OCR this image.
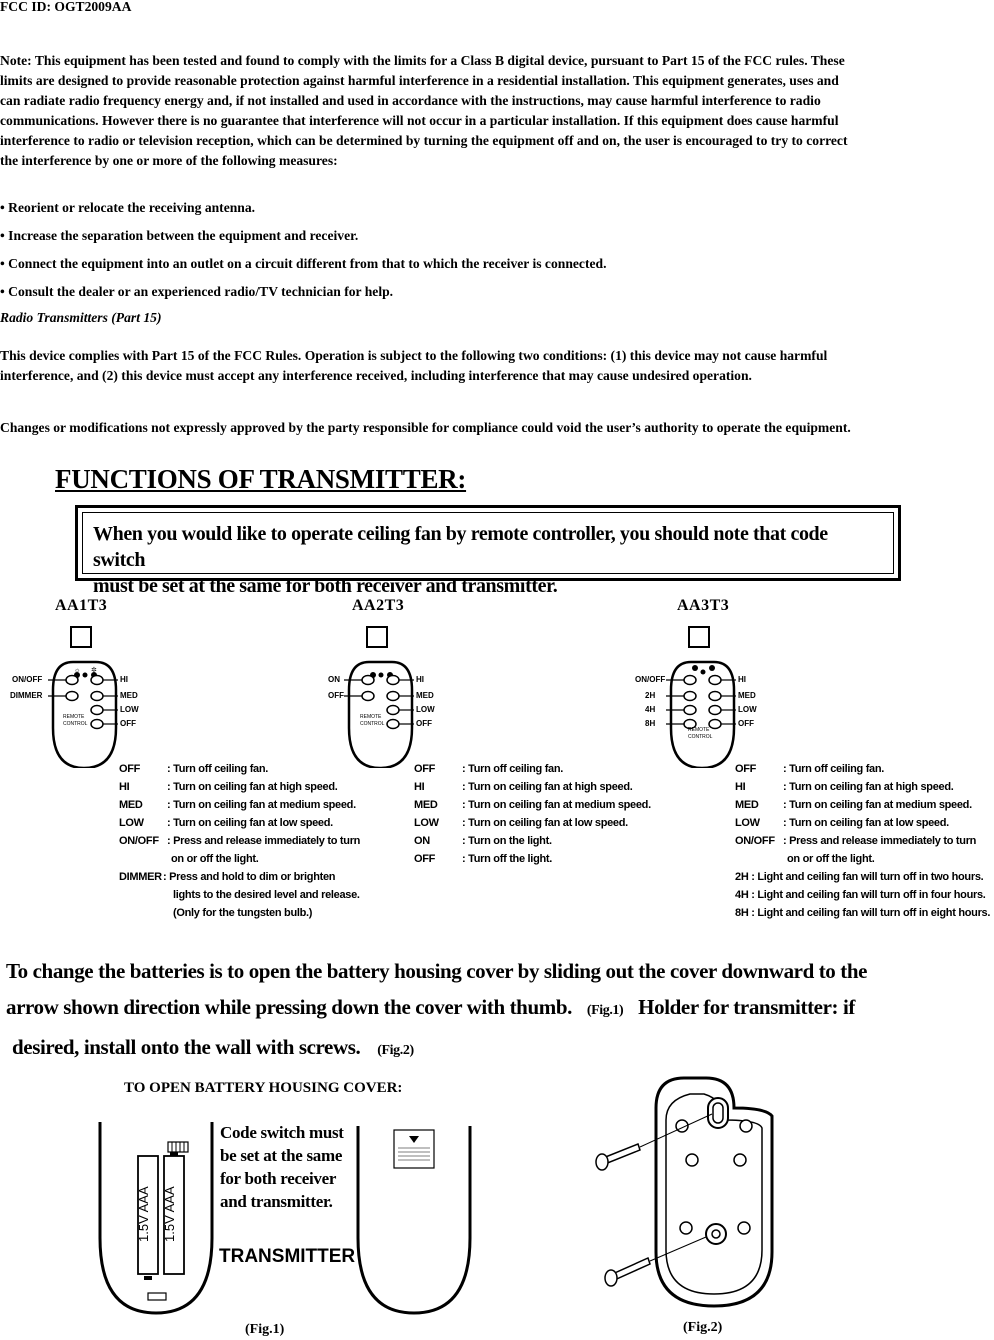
FCC ID: OGT2009AA
Note: This equipment has been tested and found to comply with the limits for a Class B digital device, pursuant to Part 15 of the FCC rules. These
limits are designed to provide reasonable protection against harmful interference in a residential installation. This equipment generates, uses and
can radiate radio frequency energy and, if not installed and used in accordance with the instructions, may cause harmful interference to radio
communications. However there is no guarantee that interference will not occur in a particular installation. If this equipment does cause harmful
interference to radio or television reception, which can be determined by turning the equipment off and on, the user is encouraged to try to correct
the interference by one or more of the following measures:
• Reorient or relocate the receiving antenna.
• Increase the separation between the equipment and receiver.
• Connect the equipment into an outlet on a circuit different from that to which the receiver is connected.
• Consult the dealer or an experienced radio/TV technician for help.
Radio Transmitters (Part 15)
This device complies with Part 15 of the FCC Rules. Operation is subject to the following two conditions: (1) this device may not cause harmful
interference, and (2) this device must accept any interference received, including interference that may cause undesired operation.
Changes or modifications not expressly approved by the party responsible for compliance could void the user’s authority to operate the equipment.
FUNCTIONS OF TRANSMITTER:
When you would like to operate ceiling fan by remote controller, you should note that code switch
must be set at the same for both receiver and transmitter.
AA1T3
☼ ✲
ON/OFF
DIMMER
HI
MED
LOW
OFF
REMOTE
CONTROL
OFF : Turn off ceiling fan.
HI	: Turn on ceiling fan at high speed.
MED : Turn on ceiling fan at medium speed.
LOW : Turn on ceiling fan at low speed.
ON/OFF : Press and release immediately to turn
on or off the light.
DIMMER: Press and hold to dim or brighten
lights to the desired level and release.
(Only for the tungsten bulb.)
AA2T3
ON
OFF
HI
MED
LOW
OFF
REMOTE
CONTROL
OFF : Turn off ceiling fan.
HI	: Turn on ceiling fan at high speed.
MED : Turn on ceiling fan at medium speed.
LOW : Turn on ceiling fan at low speed.
ON	: Turn on the light.
OFF : Turn off the light.
AA3T3
ON/OFF
2H
4H
8H
HI
MED
LOW
OFF
REMOTE
CONTROL
OFF : Turn off ceiling fan.
HI	: Turn on ceiling fan at high speed.
MED : Turn on ceiling fan at medium speed.
LOW : Turn on ceiling fan at low speed.
ON/OFF : Press and release immediately to turn
on or off the light.
2H : Light and ceiling fan will turn off in two hours.
4H : Light and ceiling fan will turn off in four hours.
8H : Light and ceiling fan will turn off in eight hours.
To change the batteries is to open the battery housing cover by sliding out the cover downward to the
arrow shown direction while pressing down the cover with thumb. (Fig.1) Holder for transmitter: if
desired, install onto the wall with screws. (Fig.2)
TO OPEN BATTERY HOUSING COVER:
1.5V AAA 1.5V AAA
Code switch must
be set at the same
for both receiver
and transmitter.
TRANSMITTER
(Fig.1)	(Fig.2)
